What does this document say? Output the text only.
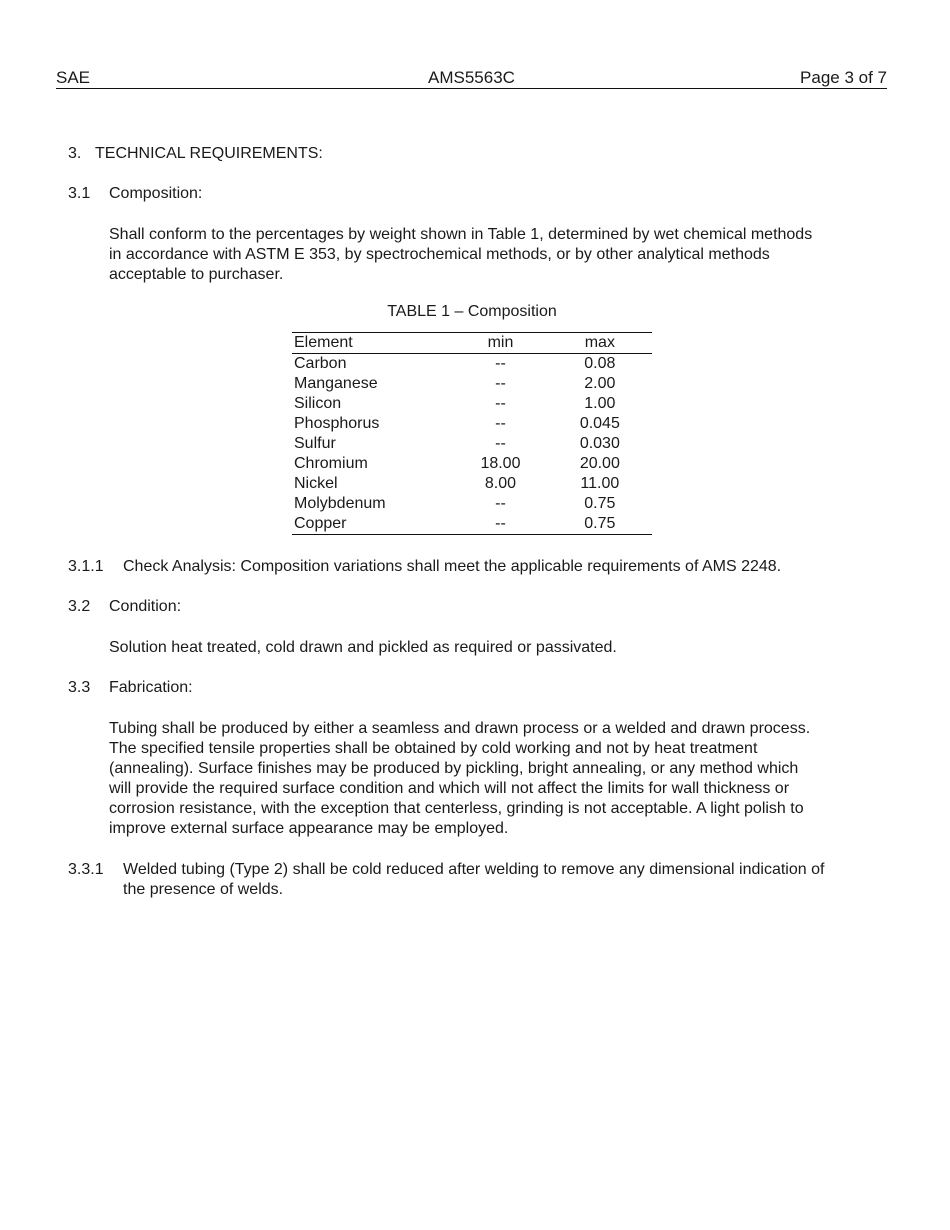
SAE	AMS5563C	Page 3 of 7
3. TECHNICAL REQUIREMENTS:
3.1 Composition:
Shall conform to the percentages by weight shown in Table 1, determined by wet chemical methods
in accordance with ASTM E 353, by spectrochemical methods, or by other analytical methods
acceptable to purchaser.
TABLE 1 – Composition
Element	min	max
Carbon	--	0.08
Manganese	--	2.00
Silicon	--	1.00
Phosphorus	--	0.045
Sulfur	--	0.030
Chromium	18.00	20.00
Nickel	8.00	11.00
Molybdenum	--	0.75
Copper	--	0.75
3.1.1 Check Analysis: Composition variations shall meet the applicable requirements of AMS 2248.
3.2 Condition:
Solution heat treated, cold drawn and pickled as required or passivated.
3.3 Fabrication:
Tubing shall be produced by either a seamless and drawn process or a welded and drawn process.
The specified tensile properties shall be obtained by cold working and not by heat treatment
(annealing). Surface finishes may be produced by pickling, bright annealing, or any method which
will provide the required surface condition and which will not affect the limits for wall thickness or
corrosion resistance, with the exception that centerless, grinding is not acceptable. A light polish to
improve external surface appearance may be employed.
3.3.1 Welded tubing (Type 2) shall be cold reduced after welding to remove any dimensional indication of
the presence of welds.
